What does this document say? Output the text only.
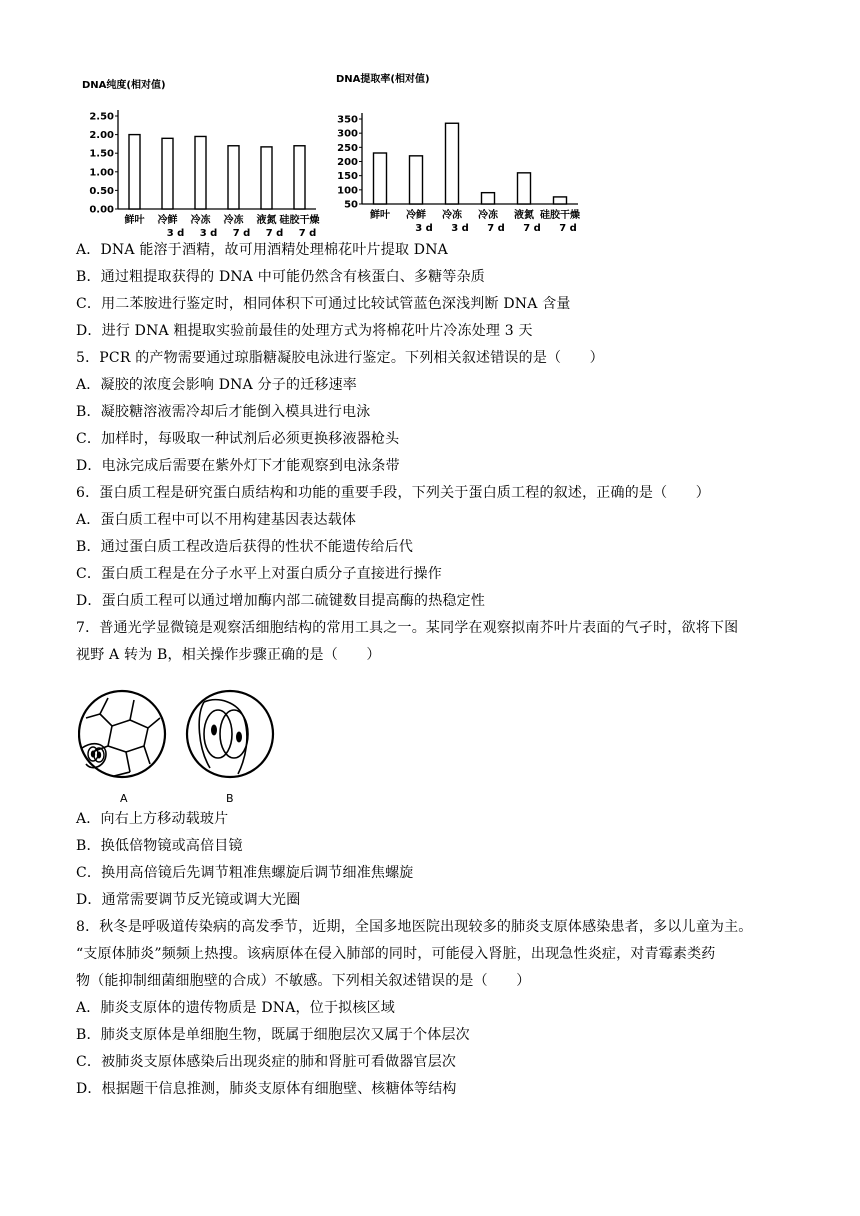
DNA纯度(相对值)
2.50
2.00
1.50
1.00
0.50
0.00
鲜叶 冷鲜
3 d
冷冻
3 d
冷冻
7 d
液氮
7 d
硅胶干燥
7 d
DNA提取率(相对值)
350
300
250
200
150
100
50
鲜叶 冷鲜
3 d
冷冻
3 d
冷冻
7 d
液氮
7 d
硅胶干燥
7 d
A．DNA 能溶于酒精，故可用酒精处理棉花叶片提取 DNA
B．通过粗提取获得的 DNA 中可能仍然含有核蛋白、多糖等杂质
C．用二苯胺进行鉴定时，相同体积下可通过比较试管蓝色深浅判断 DNA 含量
D．进行 DNA 粗提取实验前最佳的处理方式为将棉花叶片冷冻处理 3 天
5．PCR 的产物需要通过琼脂糖凝胶电泳进行鉴定。下列相关叙述错误的是（　　）
A．凝胶的浓度会影响 DNA 分子的迁移速率
B．凝胶糖溶液需冷却后才能倒入模具进行电泳
C．加样时，每吸取一种试剂后必须更换移液器枪头
D．电泳完成后需要在紫外灯下才能观察到电泳条带
6．蛋白质工程是研究蛋白质结构和功能的重要手段，下列关于蛋白质工程的叙述，正确的是（　　）
A．蛋白质工程中可以不用构建基因表达载体
B．通过蛋白质工程改造后获得的性状不能遗传给后代
C．蛋白质工程是在分子水平上对蛋白质分子直接进行操作
D．蛋白质工程可以通过增加酶内部二硫键数目提高酶的热稳定性
7．普通光学显微镜是观察活细胞结构的常用工具之一。某同学在观察拟南芥叶片表面的气孑时，欲将下图
视野 A 转为 B，相关操作步骤正确的是（　　）
A．向右上方移动载玻片
B．换低倍物镜或高倍目镜
C．换用高倍镜后先调节粗准焦螺旋后调节细准焦螺旋
D．通常需要调节反光镜或调大光圈
8．秋冬是呼吸道传染病的高发季节，近期，全国多地医院出现较多的肺炎支原体感染患者，多以儿童为主。
“支原体肺炎”频频上热搜。该病原体在侵入肺部的同时，可能侵入肾脏，出现急性炎症，对青霉素类药
物（能抑制细菌细胞壁的合成）不敏感。下列相关叙述错误的是（　　）
A．肺炎支原体的遗传物质是 DNA，位于拟核区域
B．肺炎支原体是单细胞生物，既属于细胞层次又属于个体层次
C．被肺炎支原体感染后出现炎症的肺和肾脏可看做器官层次
D．根据题干信息推测，肺炎支原体有细胞壁、核糖体等结构
A	B
